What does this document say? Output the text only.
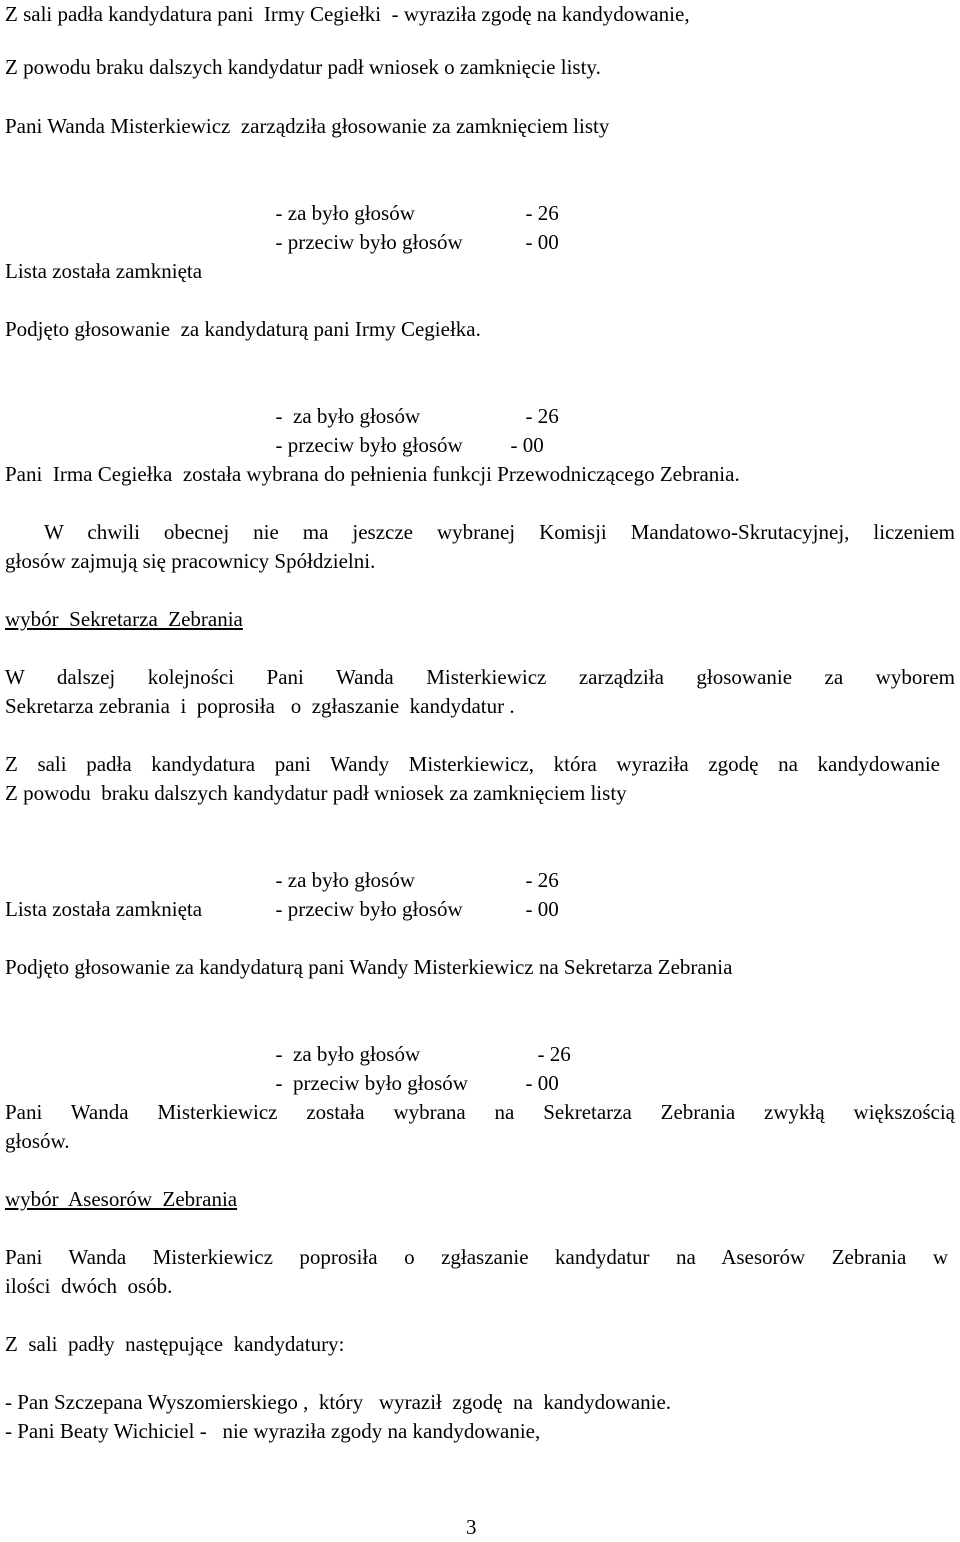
Z sali padła kandydatura pani  Irmy Cegiełki  - wyraziła zgodę na kandydowanie,

Z powodu braku dalszych kandydatur padł wniosek o zamknięcie listy.

Pani Wanda Misterkiewicz  zarządziła głosowanie za zamknięciem listy

- za było głosów	- 26

- przeciw było głosów	- 00

Lista została zamknięta

Podjęto głosowanie  za kandydaturą pani Irmy Cegiełka.

-  za było głosów	- 26

- przeciw było głosów - 00

Pani  Irma Cegiełka  została wybrana do pełnienia funkcji Przewodniczącego Zebrania.

W chwili obecnej nie ma jeszcze wybranej Komisji Mandatowo-Skrutacyjnej, liczeniem

głosów zajmują się pracownicy Spółdzielni.

wybór  Sekretarza  Zebrania

W dalszej kolejności Pani Wanda Misterkiewicz zarządziła głosowanie za wyborem

Sekretarza zebrania  i  poprosiła   o  zgłaszanie  kandydatur .

Z sali padła kandydatura pani Wandy Misterkiewicz, która wyraziła zgodę na kandydowanie

Z powodu  braku dalszych kandydatur padł wniosek za zamknięciem listy

- za było głosów	- 26

- przeciw było głosów	- 00

Lista została zamknięta

Podjęto głosowanie za kandydaturą pani Wandy Misterkiewicz na Sekretarza Zebrania

-  za było głosów	- 26

-  przeciw było głosów	- 00

Pani Wanda Misterkiewicz została wybrana na Sekretarza Zebrania zwykłą większością

głosów.

wybór  Asesorów  Zebrania

Pani Wanda Misterkiewicz poprosiła o zgłaszanie kandydatur na Asesorów Zebrania w

ilości  dwóch  osób.

Z  sali  padły  następujące  kandydatury:

- Pan Szczepana Wyszomierskiego ,  który   wyraził  zgodę  na  kandydowanie.

- Pani Beaty Wichiciel -   nie wyraziła zgody na kandydowanie,

3
